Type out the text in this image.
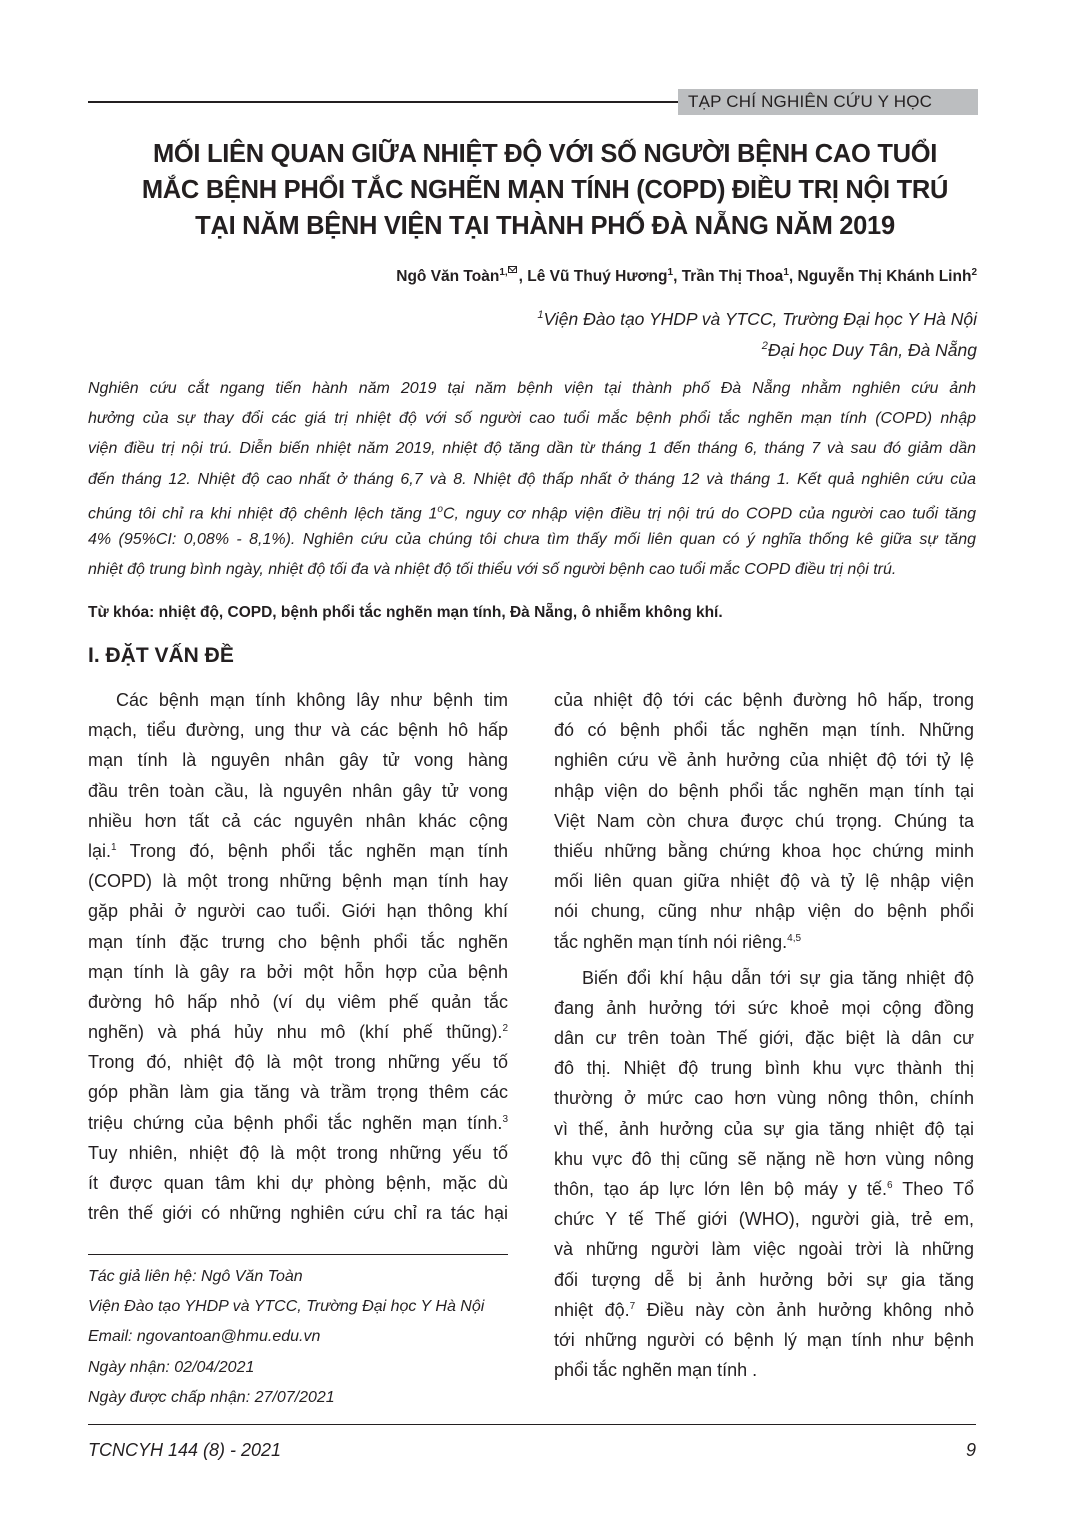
TẠP CHÍ NGHIÊN CỨU Y HỌC
MỐI LIÊN QUAN GIỮA NHIỆT ĐỘ VỚI SỐ NGƯỜI BỆNH CAO TUỔI
MẮC BỆNH PHỔI TẮC NGHẼN MẠN TÍNH (COPD) ĐIỀU TRỊ NỘI TRÚ
TẠI NĂM BỆNH VIỆN TẠI THÀNH PHỐ ĐÀ NẴNG NĂM 2019
Ngô Văn Toàn$^{1,}$ , Lê Vũ Thuý Hương$^1$, Trần Thị Thoa$^1$, Nguyễn Thị Khánh Linh$^2$
$^1$Viện Đào tạo YHDP và YTCC, Trường Đại học Y Hà Nội
$^2$Đại học Duy Tân, Đà Nẵng
Nghiên cứu cắt ngang tiến hành năm 2019 tại năm bệnh viện tại thành phố Đà Nẵng nhằm nghiên cứu ảnh
hưởng của sự thay đổi các giá trị nhiệt độ với số người cao tuổi mắc bệnh phổi tắc nghẽn mạn tính (COPD) nhập
viện điều trị nội trú. Diễn biến nhiệt năm 2019, nhiệt độ tăng dần từ tháng 1 đến tháng 6, tháng 7 và sau đó giảm dần
đến tháng 12. Nhiệt độ cao nhất ở tháng 6,7 và 8. Nhiệt độ thấp nhất ở tháng 12 và tháng 1. Kết quả nghiên cứu của
chúng tôi chỉ ra khi nhiệt độ chênh lệch tăng 1$^o$C, nguy cơ nhập viện điều trị nội trú do COPD của người cao tuổi tăng
4% (95%CI: 0,08% - 8,1%). Nghiên cứu của chúng tôi chưa tìm thấy mối liên quan có ý nghĩa thống kê giữa sự tăng
nhiệt độ trung bình ngày, nhiệt độ tối đa và nhiệt độ tối thiểu với số người bệnh cao tuổi mắc COPD điều trị nội trú.
Từ khóa: nhiệt độ, COPD, bệnh phổi tắc nghẽn mạn tính, Đà Nẵng, ô nhiễm không khí.
I. ĐẶT VẤN ĐỀ
Các bệnh mạn tính không lây như bệnh tim
mạch, tiểu đường, ung thư và các bệnh hô hấp
mạn tính là nguyên nhân gây tử vong hàng
đầu trên toàn cầu, là nguyên nhân gây tử vong
nhiều hơn tất cả các nguyên nhân khác cộng
lại.$^1$ Trong đó, bệnh phổi tắc nghẽn mạn tính
(COPD) là một trong những bệnh mạn tính hay
gặp phải ở người cao tuổi. Giới hạn thông khí
mạn tính đặc trưng cho bệnh phổi tắc nghẽn
mạn tính là gây ra bởi một hỗn hợp của bệnh
đường hô hấp nhỏ (ví dụ viêm phế quản tắc
nghẽn) và phá hủy nhu mô (khí phế thũng).$^2$
Trong đó, nhiệt độ là một trong những yếu tố
góp phần làm gia tăng và trầm trọng thêm các
triệu chứng của bệnh phổi tắc nghẽn mạn tính.$^3$
Tuy nhiên, nhiệt độ là một trong những yếu tố
ít được quan tâm khi dự phòng bệnh, mặc dù
trên thế giới có những nghiên cứu chỉ ra tác hại
của nhiệt độ tới các bệnh đường hô hấp, trong
đó có bệnh phổi tắc nghẽn mạn tính. Những
nghiên cứu về ảnh hưởng của nhiệt độ tới tỷ lệ
nhập viện do bệnh phổi tắc nghẽn mạn tính tại
Việt Nam còn chưa được chú trọng. Chúng ta
thiếu những bằng chứng khoa học chứng minh
mối liên quan giữa nhiệt độ và tỷ lệ nhập viện
nói chung, cũng như nhập viện do bệnh phổi
tắc nghẽn mạn tính nói riêng.$^{4,5}$
Biến đổi khí hậu dẫn tới sự gia tăng nhiệt độ
đang ảnh hưởng tới sức khoẻ mọi cộng đồng
dân cư trên toàn Thế giới, đặc biệt là dân cư
đô thị. Nhiệt độ trung bình khu vực thành thị
thường ở mức cao hơn vùng nông thôn, chính
vì thế, ảnh hưởng của sự gia tăng nhiệt độ tại
khu vực đô thị cũng sẽ nặng nề hơn vùng nông
thôn, tạo áp lực lớn lên bộ máy y tế.$^6$ Theo Tổ
chức Y tế Thế giới (WHO), người già, trẻ em,
và những người làm việc ngoài trời là những
đối tượng dễ bị ảnh hưởng bởi sự gia tăng
nhiệt độ.$^7$ Điều này còn ảnh hưởng không nhỏ
tới những người có bệnh lý mạn tính như bệnh
phổi tắc nghẽn mạn tính .
Tác giả liên hệ: Ngô Văn Toàn
Viện Đào tạo YHDP và YTCC, Trường Đại học Y Hà Nội
Email: ngovantoan@hmu.edu.vn
Ngày nhận: 02/04/2021
Ngày được chấp nhận: 27/07/2021
TCNCYH 144 (8) - 2021	9
